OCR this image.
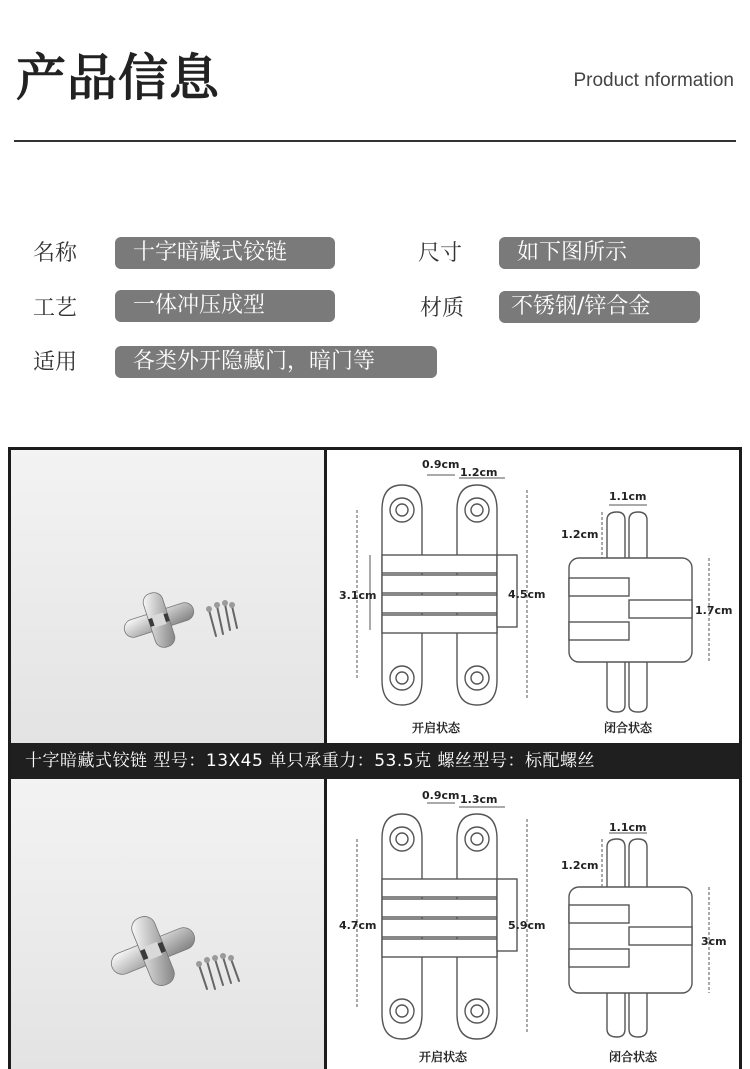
产品信息	Product nformation
名称	十字暗藏式铰链	尺寸	如下图所示
工艺	一体冲压成型	材质	不锈钢/锌合金
适用	各类外开隐藏门，暗门等
0.9cm
1.2cm
3.1cm	4.5cm
1.1cm
1.2cm
1.7cm
开启状态	闭合状态
十字暗藏式铰链 型号：13X45 单只承重力：53.5克 螺丝型号：标配螺丝
0.9cm 1.3cm
4.7cm	5.9cm
1.1cm
1.2cm
3cm
开启状态	闭合状态
